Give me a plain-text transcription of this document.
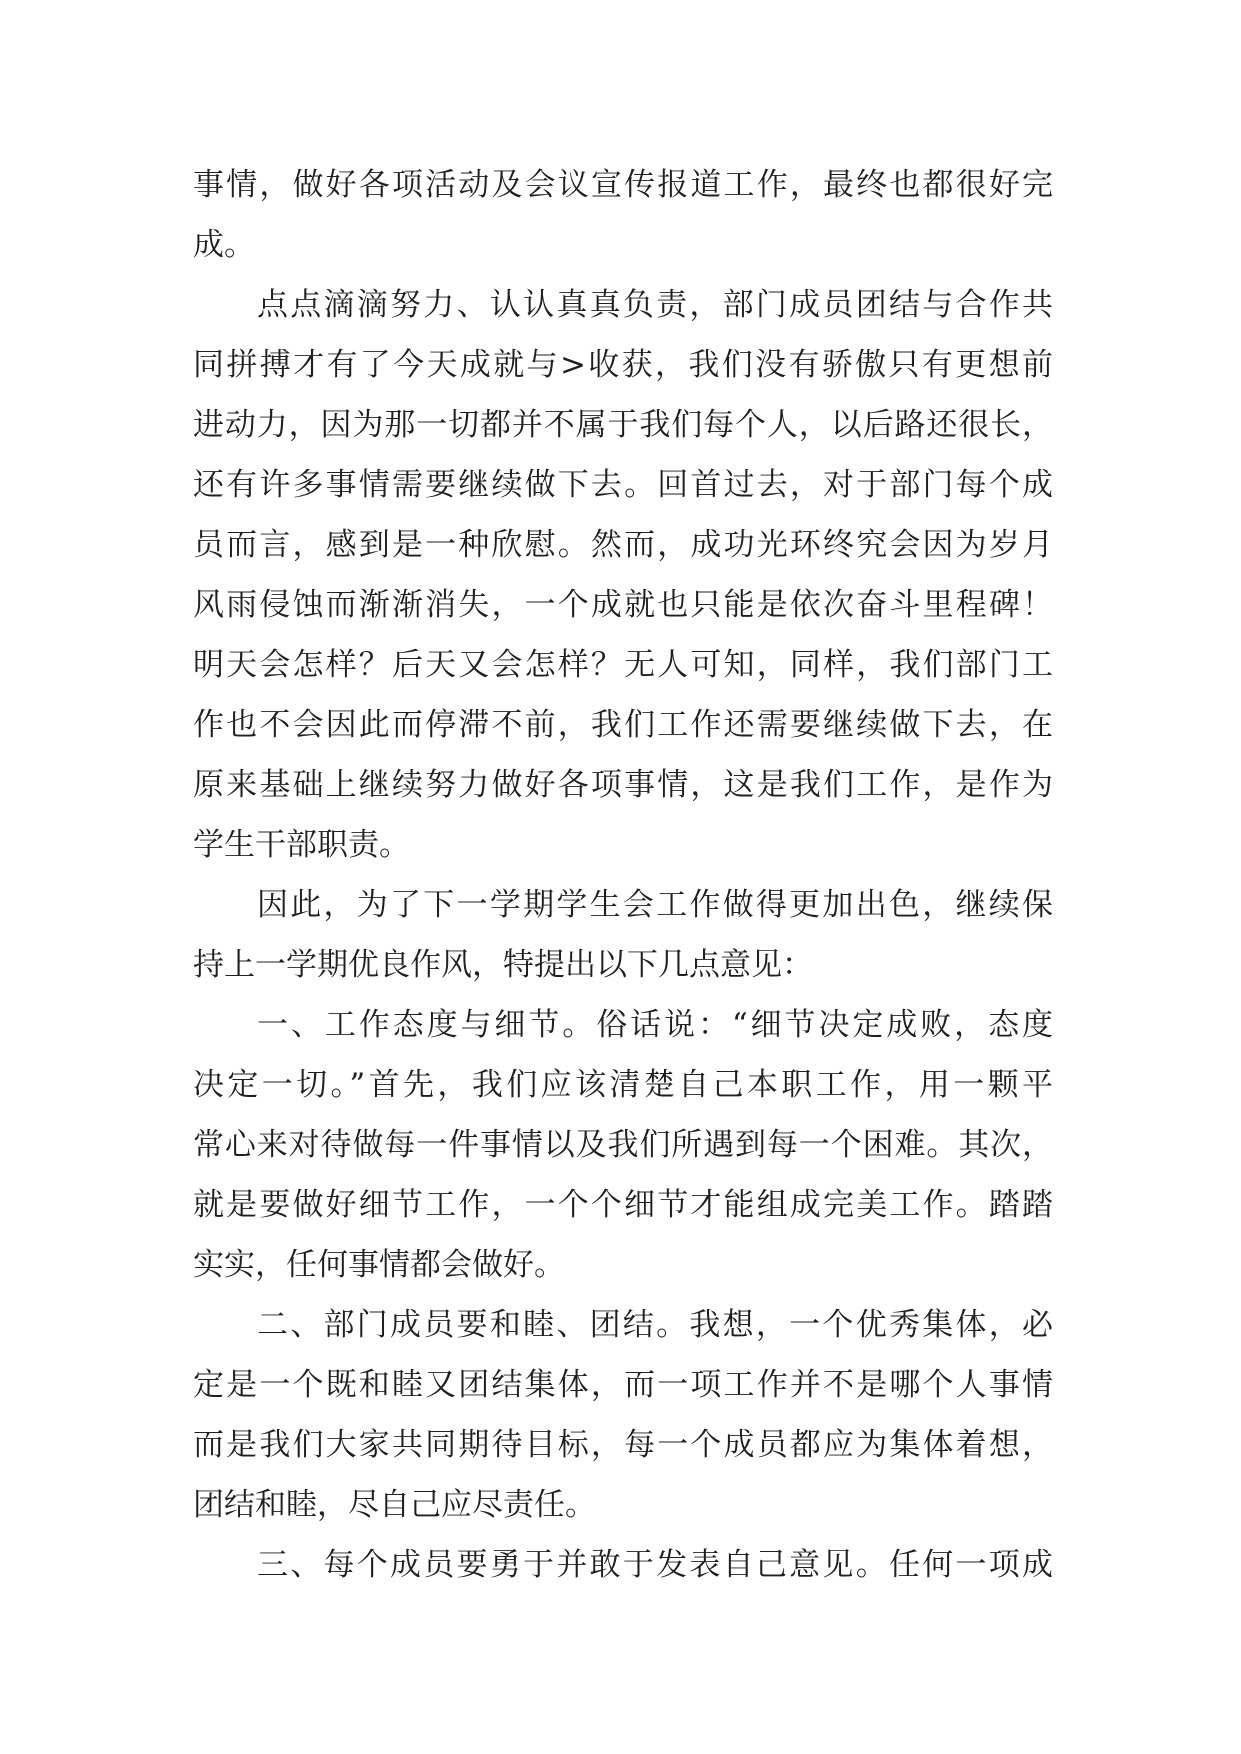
事情，做好各项活动及会议宣传报道工作，最终也都很好完
成。
点点滴滴努力、认认真真负责，部门成员团结与合作共
同拼搏才有了今天成就与>收获，我们没有骄傲只有更想前
进动力，因为那一切都并不属于我们每个人，以后路还很长，
还有许多事情需要继续做下去。回首过去，对于部门每个成
员而言，感到是一种欣慰。然而，成功光环终究会因为岁月
风雨侵蚀而渐渐消失，一个成就也只能是依次奋斗里程碑！
明天会怎样？后天又会怎样？无人可知，同样，我们部门工
作也不会因此而停滞不前，我们工作还需要继续做下去，在
原来基础上继续努力做好各项事情，这是我们工作，是作为
学生干部职责。
因此，为了下一学期学生会工作做得更加出色，继续保
持上一学期优良作风，特提出以下几点意见：
一、工作态度与细节。俗话说：“细节决定成败，态度
决定一切。”首先，我们应该清楚自己本职工作，用一颗平
常心来对待做每一件事情以及我们所遇到每一个困难。其次，
就是要做好细节工作，一个个细节才能组成完美工作。踏踏
实实，任何事情都会做好。
二、部门成员要和睦、团结。我想，一个优秀集体，必
定是一个既和睦又团结集体，而一项工作并不是哪个人事情
而是我们大家共同期待目标，每一个成员都应为集体着想，
团结和睦，尽自己应尽责任。
三、每个成员要勇于并敢于发表自己意见。任何一项成
